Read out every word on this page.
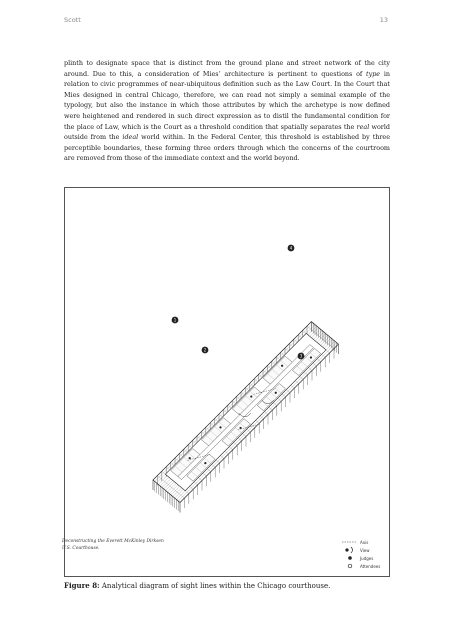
Scott	13

plinth to designate space that is distinct from the ground plane and street network of the city around. Due to this, a consideration of Mies’ architecture is pertinent to questions of type in relation to civic programmes of near-ubiquitous definition such as the Law Court. In the Court that Mies designed in central Chicago, therefore, we can read not simply a seminal example of the typology, but also the instance in which those attributes by which the archetype is now defined were heightened and rendered in such direct expression as to distil the fundamental condition for the place of Law, which is the Court as a threshold condition that spatially separates the real world outside from the ideal world within. In the Federal Center, this threshold is established by three perceptible boundaries, these forming three orders through which the concerns of the courtroom are removed from those of the immediate context and the world beyond.

1
2
3
4
Deconstructing the Everett McKinley Dirksen
U.S. Courthouse.
Axis
View
Judges
Attendees
Figure 8: Analytical diagram of sight lines within the Chicago courthouse.
